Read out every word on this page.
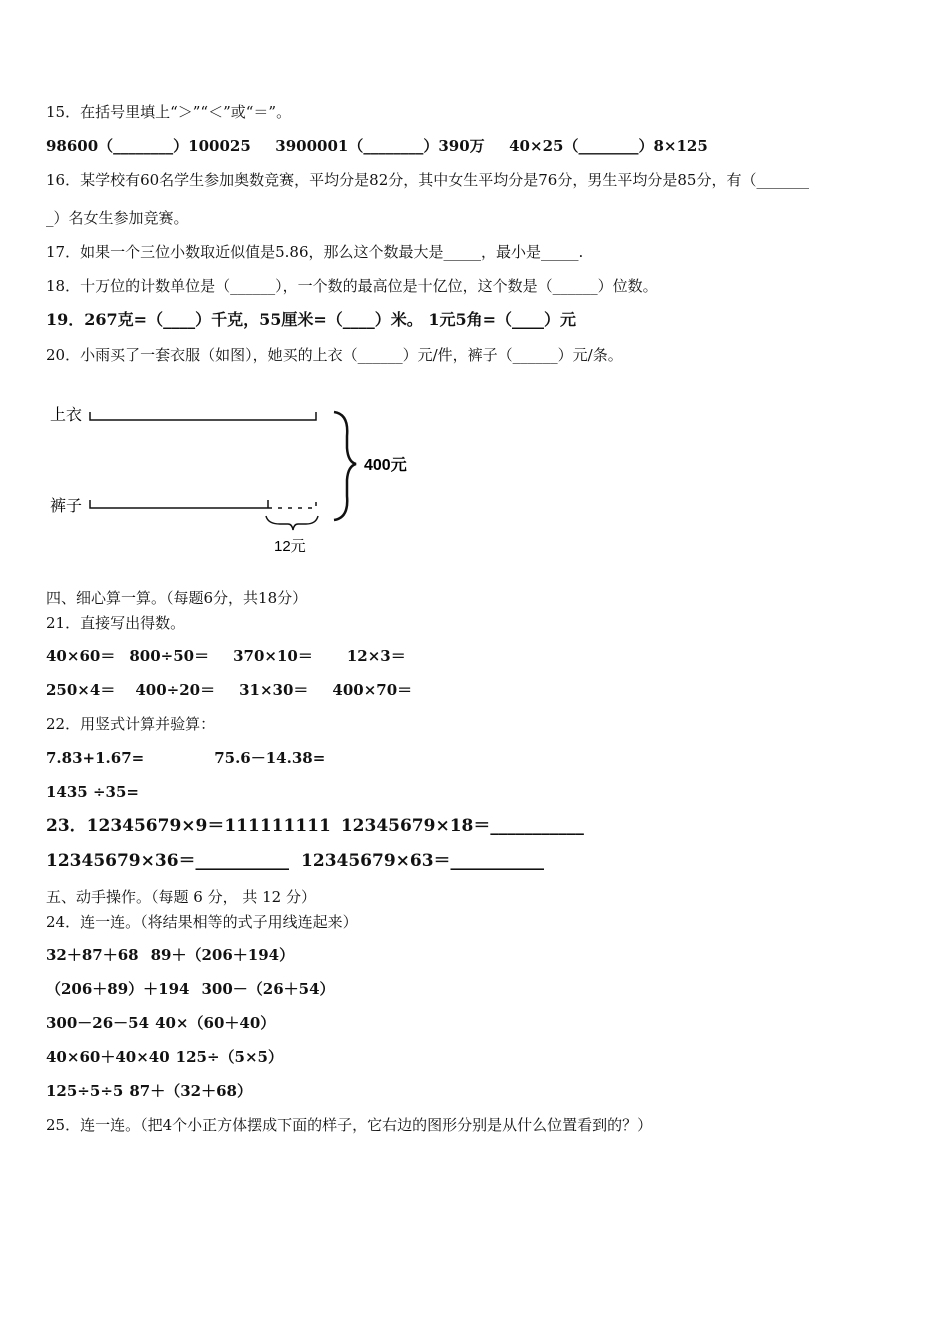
15．在括号里填上“＞”“＜”或“＝”。

98600（________）100025 3900001（________）390万 40×25（________）8×125

16．某学校有60名学生参加奥数竞赛，平均分是82分，其中女生平均分是76分，男生平均分是85分，有（_______

_）名女生参加竞赛。

17．如果一个三位小数取近似值是5.86，那么这个数最大是_____，最小是_____.

18．十万位的计数单位是（______），一个数的最高位是十亿位，这个数是（______）位数。

19．267克=（____）千克，55厘米=（____）米。 1元5角=（____）元

20．小雨买了一套衣服（如图），她买的上衣（______）元/件，裤子（______）元/条。

上衣
裤子
12元
400元

四、细心算一算。（每题6分，共18分）

21．直接写出得数。

40×60＝ 800÷50＝ 370×10＝ 12×3＝

250×4＝ 400÷20＝ 31×30＝ 400×70＝

22．用竖式计算并验算：

7.83+1.67=	75.6－14.38=

1435 ÷35=

23．12345679×9＝111111111 12345679×18＝___________

12345679×36＝___________ 12345679×63＝___________

五、动手操作。（每题 6 分， 共 12 分）

24．连一连。（将结果相等的式子用线连起来）

32＋87＋68 89＋（206＋194）

（206＋89）＋194 300－（26＋54）

300－26－54 40×（60＋40）

40×60＋40×40 125÷（5×5）

125÷5÷5 87＋（32＋68）

25．连一连。（把4个小正方体摆成下面的样子，它右边的图形分别是从什么位置看到的？）
